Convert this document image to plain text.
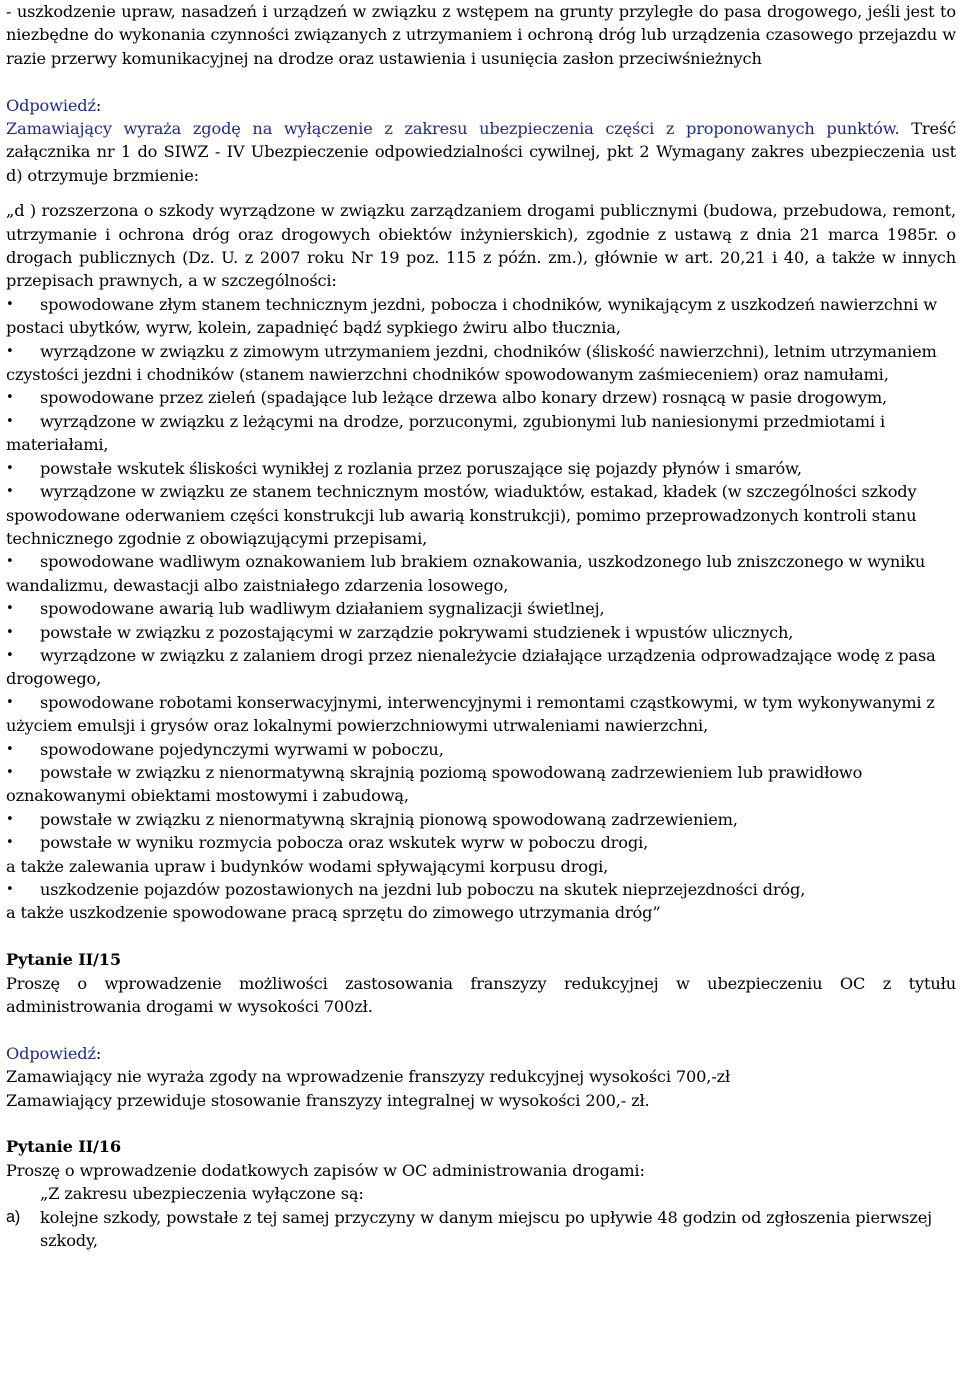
- uszkodzenie upraw, nasadzeń i urządzeń w związku z wstępem na grunty przyległe do pasa drogowego, jeśli jest to niezbędne do wykonania czynności związanych z utrzymaniem i ochroną dróg lub urządzenia czasowego przejazdu w razie przerwy komunikacyjnej na drodze oraz ustawienia i usunięcia zasłon przeciwśnieżnych

Odpowiedź:

Zamawiający wyraża zgodę na wyłączenie z zakresu ubezpieczenia części z proponowanych punktów. Treść załącznika nr 1 do SIWZ - IV Ubezpieczenie odpowiedzialności cywilnej, pkt 2 Wymagany zakres ubezpieczenia ust d) otrzymuje brzmienie:

„d ) rozszerzona o szkody wyrządzone w związku zarządzaniem drogami publicznymi (budowa, przebudowa, remont, utrzymanie i ochrona dróg oraz drogowych obiektów inżynierskich), zgodnie z ustawą z dnia 21 marca 1985r. o drogach publicznych (Dz. U. z 2007 roku Nr 19 poz. 115 z późn. zm.), głównie w art. 20,21 i 40, a także w innych przepisach prawnych, a w szczególności:

• spowodowane złym stanem technicznym jezdni, pobocza i chodników, wynikającym z uszkodzeń nawierzchni w postaci ubytków, wyrw, kolein, zapadnięć bądź sypkiego żwiru albo tłucznia,
• wyrządzone w związku z zimowym utrzymaniem jezdni, chodników (śliskość nawierzchni), letnim utrzymaniem czystości jezdni i chodników (stanem nawierzchni chodników spowodowanym zaśmieceniem) oraz namułami,
• spowodowane przez zieleń (spadające lub leżące drzewa albo konary drzew) rosnącą w pasie drogowym,
• wyrządzone w związku z leżącymi na drodze, porzuconymi, zgubionymi lub naniesionymi przedmiotami i materiałami,
• powstałe wskutek śliskości wynikłej z rozlania przez poruszające się pojazdy płynów i smarów,
• wyrządzone w związku ze stanem technicznym mostów, wiaduktów, estakad, kładek (w szczególności szkody spowodowane oderwaniem części konstrukcji lub awarią konstrukcji), pomimo przeprowadzonych kontroli stanu technicznego zgodnie z obowiązującymi przepisami,
• spowodowane wadliwym oznakowaniem lub brakiem oznakowania, uszkodzonego lub zniszczonego w wyniku wandalizmu, dewastacji albo zaistniałego zdarzenia losowego,
• spowodowane awarią lub wadliwym działaniem sygnalizacji świetlnej,
• powstałe w związku z pozostającymi w zarządzie pokrywami studzienek i wpustów ulicznych,
• wyrządzone w związku z zalaniem drogi przez nienależycie działające urządzenia odprowadzające wodę z pasa drogowego,
• spowodowane robotami konserwacyjnymi, interwencyjnymi i remontami cząstkowymi, w tym wykonywanymi z użyciem emulsji i grysów oraz lokalnymi powierzchniowymi utrwaleniami nawierzchni,
• spowodowane pojedynczymi wyrwami w poboczu,
• powstałe w związku z nienormatywną skrajnią poziomą spowodowaną zadrzewieniem lub prawidłowo oznakowanymi obiektami mostowymi i zabudową,
• powstałe w związku z nienormatywną skrajnią pionową spowodowaną zadrzewieniem,
• powstałe w wyniku rozmycia pobocza oraz wskutek wyrw w poboczu drogi,

a także zalewania upraw i budynków wodami spływającymi korpusu drogi,

• uszkodzenie pojazdów pozostawionych na jezdni lub poboczu na skutek nieprzejezdności dróg,

a także uszkodzenie spowodowane pracą sprzętu do zimowego utrzymania dróg”

Pytanie II/15

Proszę o wprowadzenie możliwości zastosowania franszyzy redukcyjnej w ubezpieczeniu OC z tytułu administrowania drogami w wysokości 700zł.

Odpowiedź:

Zamawiający nie wyraża zgody na wprowadzenie franszyzy redukcyjnej wysokości 700,-zł

Zamawiający przewiduje stosowanie franszyzy integralnej w wysokości 200,- zł.

Pytanie II/16

Proszę o wprowadzenie dodatkowych zapisów w OC administrowania drogami:

„Z zakresu ubezpieczenia wyłączone są:

a) kolejne szkody, powstałe z tej samej przyczyny w danym miejscu po upływie 48 godzin od zgłoszenia pierwszej szkody,
